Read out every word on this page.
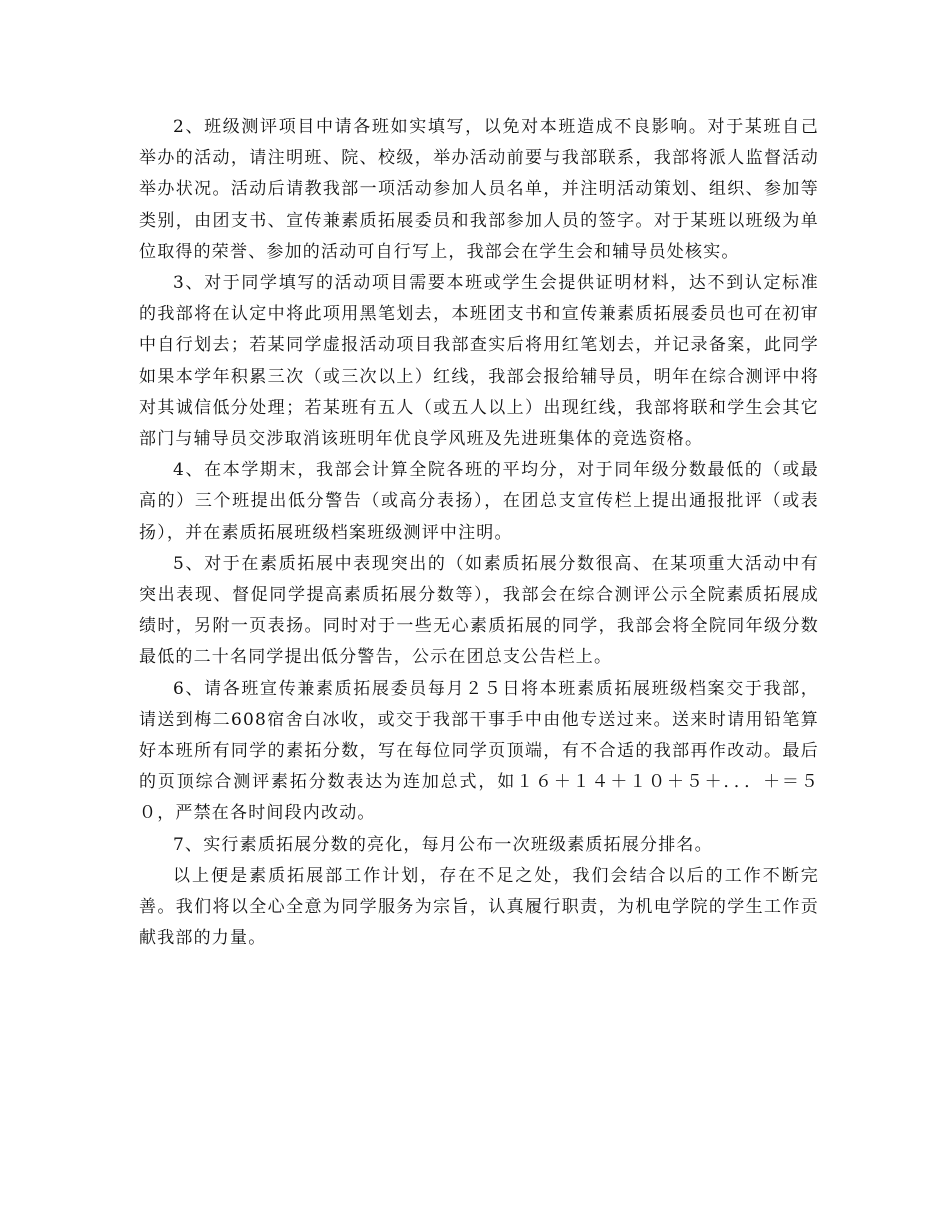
2、班级测评项目中请各班如实填写，以免对本班造成不良影响。对于某班自己举办的活动，请注明班、院、校级，举办活动前要与我部联系，我部将派人监督活动举办状况。活动后请教我部一项活动参加人员名单，并注明活动策划、组织、参加等类别，由团支书、宣传兼素质拓展委员和我部参加人员的签字。对于某班以班级为单位取得的荣誉、参加的活动可自行写上，我部会在学生会和辅导员处核实。

3、对于同学填写的活动项目需要本班或学生会提供证明材料，达不到认定标准的我部将在认定中将此项用黑笔划去，本班团支书和宣传兼素质拓展委员也可在初审中自行划去；若某同学虚报活动项目我部查实后将用红笔划去，并记录备案，此同学如果本学年积累三次（或三次以上）红线，我部会报给辅导员，明年在综合测评中将对其诚信低分处理；若某班有五人（或五人以上）出现红线，我部将联和学生会其它部门与辅导员交涉取消该班明年优良学风班及先进班集体的竞选资格。

4、在本学期末，我部会计算全院各班的平均分，对于同年级分数最低的（或最高的）三个班提出低分警告（或高分表扬），在团总支宣传栏上提出通报批评（或表扬），并在素质拓展班级档案班级测评中注明。

5、对于在素质拓展中表现突出的（如素质拓展分数很高、在某项重大活动中有突出表现、督促同学提高素质拓展分数等），我部会在综合测评公示全院素质拓展成绩时，另附一页表扬。同时对于一些无心素质拓展的同学，我部会将全院同年级分数最低的二十名同学提出低分警告，公示在团总支公告栏上。

6、请各班宣传兼素质拓展委员每月２５日将本班素质拓展班级档案交于我部，请送到梅二608宿舍白冰收，或交于我部干事手中由他专送过来。送来时请用铅笔算好本班所有同学的素拓分数，写在每位同学页顶端，有不合适的我部再作改动。最后的页顶综合测评素拓分数表达为连加总式，如１６＋１４＋１０＋５＋．．．＋＝５０，严禁在各时间段内改动。

7、实行素质拓展分数的亮化，每月公布一次班级素质拓展分排名。

以上便是素质拓展部工作计划，存在不足之处，我们会结合以后的工作不断完善。我们将以全心全意为同学服务为宗旨，认真履行职责，为机电学院的学生工作贡献我部的力量。
